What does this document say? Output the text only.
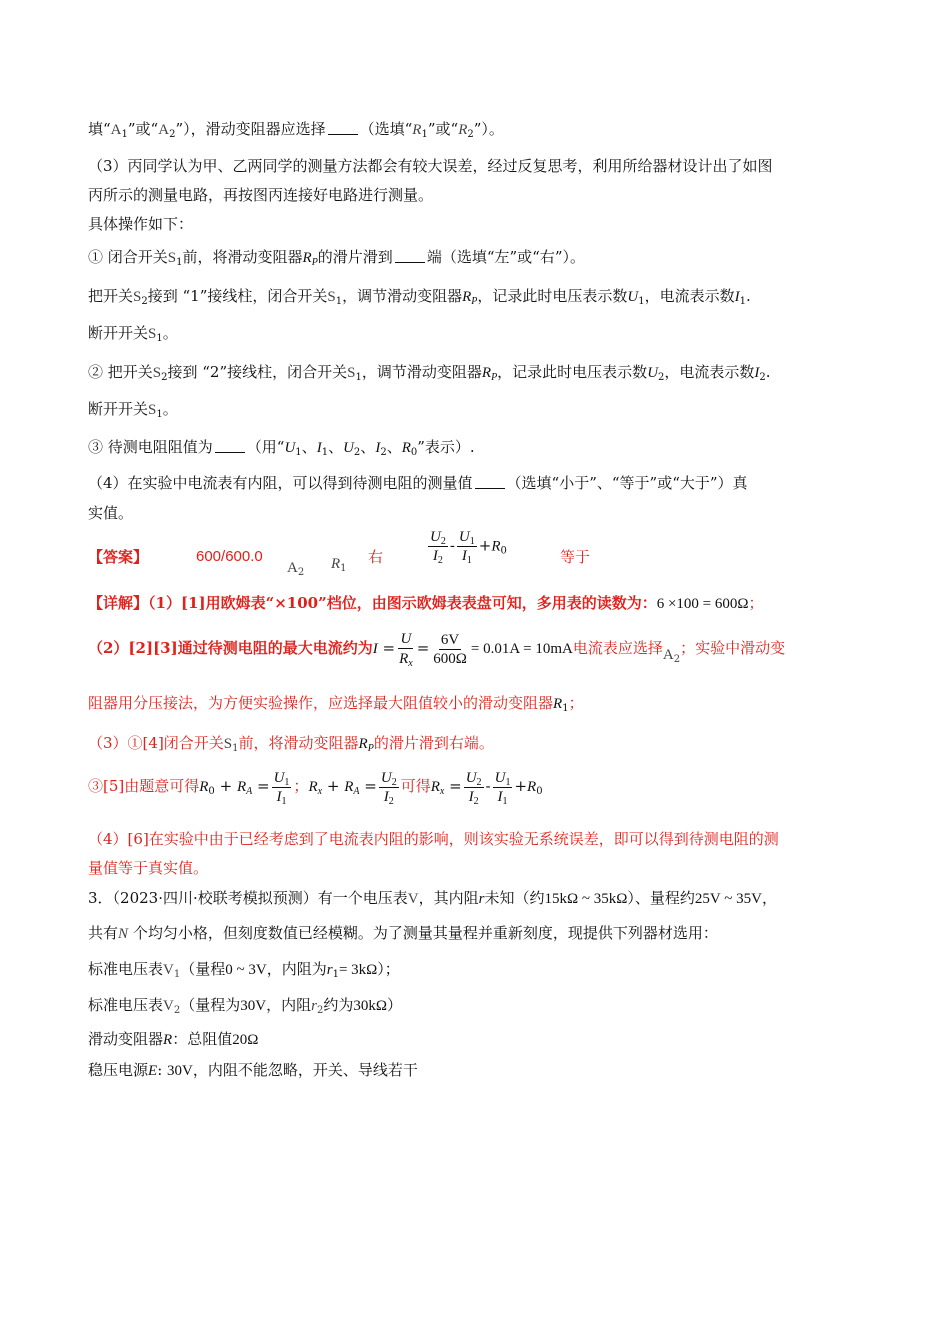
填“$A_1$”或“$A_2$”），滑动变阻器应选择 （选填“$R_1$”或“$R_2$”）。
（3）丙同学认为甲、乙两同学的测量方法都会有较大误差，经过反复思考，利用所给器材设计出了如图
丙所示的测量电路，再按图丙连接好电路进行测量。
具体操作如下：
① 闭合开关$S_1$前，将滑动变阻器$R_P$的滑片滑到 端（选填“左”或“右”）。
把开关$S_2$接到 “1”接线柱，闭合开关$S_1$，调节滑动变阻器$R_P$，记录此时电压表示数$U_1$，电流表示数$I_1$.
断开开关$S_1$。
② 把开关$S_2$接到 “2”接线柱，闭合开关$S_1$，调节滑动变阻器$R_P$，记录此时电压表示数$U_2$，电流表示数$I_2$.
断开开关$S_1$。
③ 待测电阻阻值为 （用“$U_1$、$I_1$、$U_2$、$I_2$、$R_0$”表示）.
（4）在实验中电流表有内阻，可以得到待测电阻的测量值 （选填“小于”、“等于”或“大于”）真
实值。
【答案】	600/600.0
$A_2$
$R_1$
右	$\frac{U_2}{I_2} - \frac{U_1}{I_1} +R_0$	等于
【详解】（1）[1]用欧姆表“×100”档位，由图示欧姆表表盘可知，多用表的读数为：6 ×100 = 600Ω；
（2）[2][3]通过待测电阻的最大电流约为$I = \frac{U}{R_x} = \frac{6V}{600\Omega} = 0.01A = 10mA$电流表应选择$A_2$；实验中滑动变
阻器用分压接法，为方便实验操作，应选择最大阻值较小的滑动变阻器$R_1$；
（3）①[4]闭合开关$S_1$前，将滑动变阻器$R_P$的滑片滑到右端。
③[5]由题意可得$R_0 + R_A = \frac{U_1}{I_1}$ ；$R_x + R_A = \frac{U_2}{I_2}$ 可得$R_x = \frac{U_2}{I_2} - \frac{U_1}{I_1} +R_0$
（4）[6]在实验中由于已经考虑到了电流表内阻的影响，则该实验无系统误差，即可以得到待测电阻的测
量值等于真实值。
3．（2023·四川·校联考模拟预测）有一个电压表V，其内阻r未知（约15kΩ ~ 35kΩ）、量程约25V ~ 35V，
共有N 个均匀小格，但刻度数值已经模糊。为了测量其量程并重新刻度，现提供下列器材选用：
标准电压表$V_1$（量程0 ~ 3V，内阻为$r_1= 3k\Omega$）；
标准电压表$V_2$（量程为30V，内阻$r_2$约为30kΩ）
滑动变阻器R：总阻值20Ω
稳压电源E: 30V，内阻不能忽略，开关、导线若干
